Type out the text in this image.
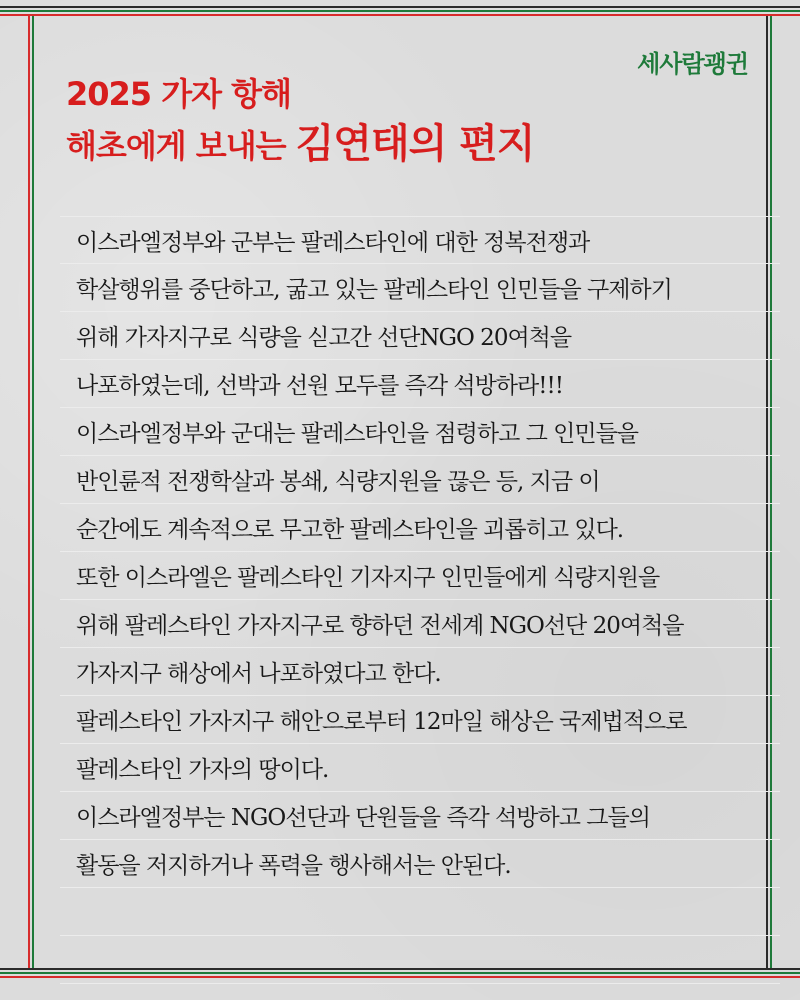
세사람괭귄
2025 가자 항해
해초에게 보내는 김연태의 편지
이스라엘정부와 군부는 팔레스타인에 대한 정복전쟁과
학살행위를 중단하고, 굶고 있는 팔레스타인 인민들을 구제하기
위해 가자지구로 식량을 싣고간 선단NGO 20여척을
나포하였는데, 선박과 선원 모두를 즉각 석방하라!!!
이스라엘정부와 군대는 팔레스타인을 점령하고 그 인민들을
반인륜적 전쟁학살과 봉쇄, 식량지원을 끊은 등, 지금 이
순간에도 계속적으로 무고한 팔레스타인을 괴롭히고 있다.
또한 이스라엘은 팔레스타인 기자지구 인민들에게 식량지원을
위해 팔레스타인 가자지구로 향하던 전세계 NGO선단 20여척을
가자지구 해상에서 나포하였다고 한다.
팔레스타인 가자지구 해안으로부터 12마일 해상은 국제법적으로
팔레스타인 가자의 땅이다.
이스라엘정부는 NGO선단과 단원들을 즉각 석방하고 그들의
활동을 저지하거나 폭력을 행사해서는 안된다.
